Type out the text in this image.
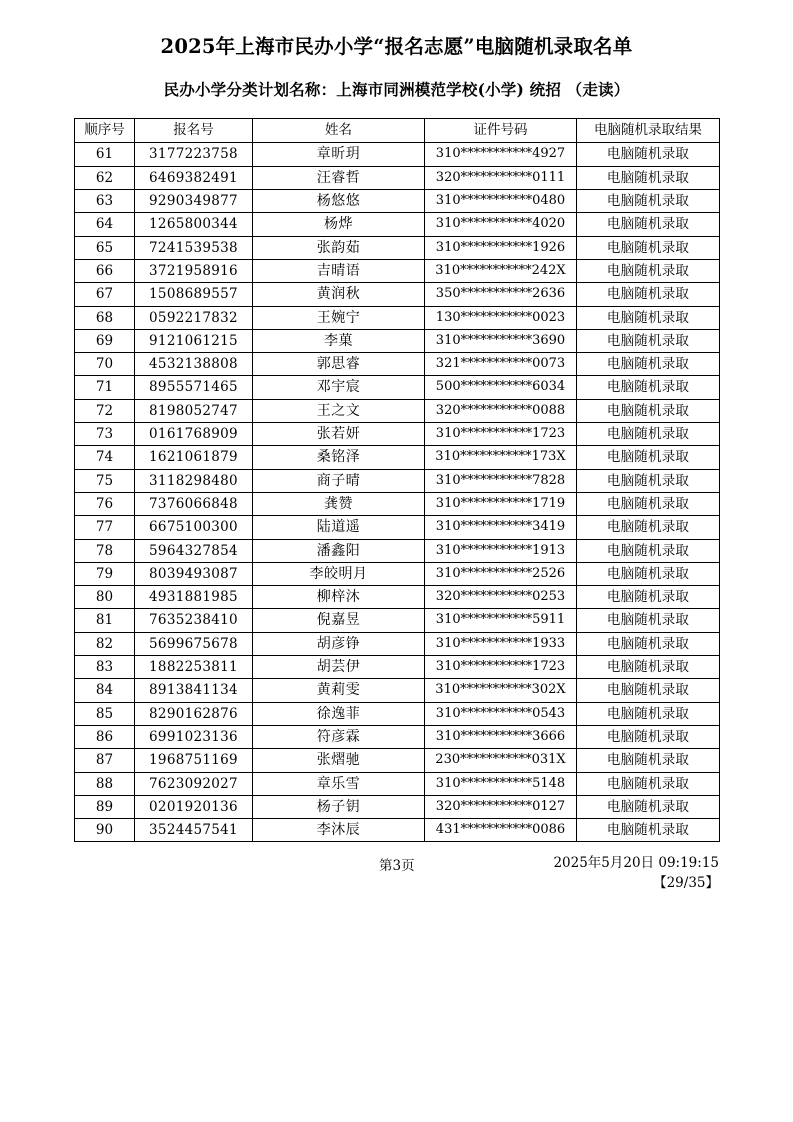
2025年上海市民办小学“报名志愿”电脑随机录取名单
民办小学分类计划名称：上海市同洲模范学校(小学) 统招 （走读）
顺序号	报名号	姓名	证件号码	电脑随机录取结果
61	3177223758	章昕玥	310***********4927	电脑随机录取
62	6469382491	汪睿哲	320***********0111	电脑随机录取
63	9290349877	杨悠悠	310***********0480	电脑随机录取
64	1265800344	杨烨	310***********4020	电脑随机录取
65	7241539538	张韵茹	310***********1926	电脑随机录取
66	3721958916	吉晴语	310***********242X	电脑随机录取
67	1508689557	黄润秋	350***********2636	电脑随机录取
68	0592217832	王婉宁	130***********0023	电脑随机录取
69	9121061215	李菓	310***********3690	电脑随机录取
70	4532138808	郭思睿	321***********0073	电脑随机录取
71	8955571465	邓宇宸	500***********6034	电脑随机录取
72	8198052747	王之文	320***********0088	电脑随机录取
73	0161768909	张若妍	310***********1723	电脑随机录取
74	1621061879	桑铭泽	310***********173X	电脑随机录取
75	3118298480	商子晴	310***********7828	电脑随机录取
76	7376066848	龚赞	310***********1719	电脑随机录取
77	6675100300	陆道遥	310***********3419	电脑随机录取
78	5964327854	潘鑫阳	310***********1913	电脑随机录取
79	8039493087	李皎明月	310***********2526	电脑随机录取
80	4931881985	柳梓沐	320***********0253	电脑随机录取
81	7635238410	倪嘉昱	310***********5911	电脑随机录取
82	5699675678	胡彦铮	310***********1933	电脑随机录取
83	1882253811	胡芸伊	310***********1723	电脑随机录取
84	8913841134	黄莉雯	310***********302X	电脑随机录取
85	8290162876	徐逸菲	310***********0543	电脑随机录取
86	6991023136	符彦霖	310***********3666	电脑随机录取
87	1968751169	张熠驰	230***********031X	电脑随机录取
88	7623092027	章乐雪	310***********5148	电脑随机录取
89	0201920136	杨子钥	320***********0127	电脑随机录取
90	3524457541	李沐辰	431***********0086	电脑随机录取
第3页	2025年5月20日 09:19:15
【29/35】
